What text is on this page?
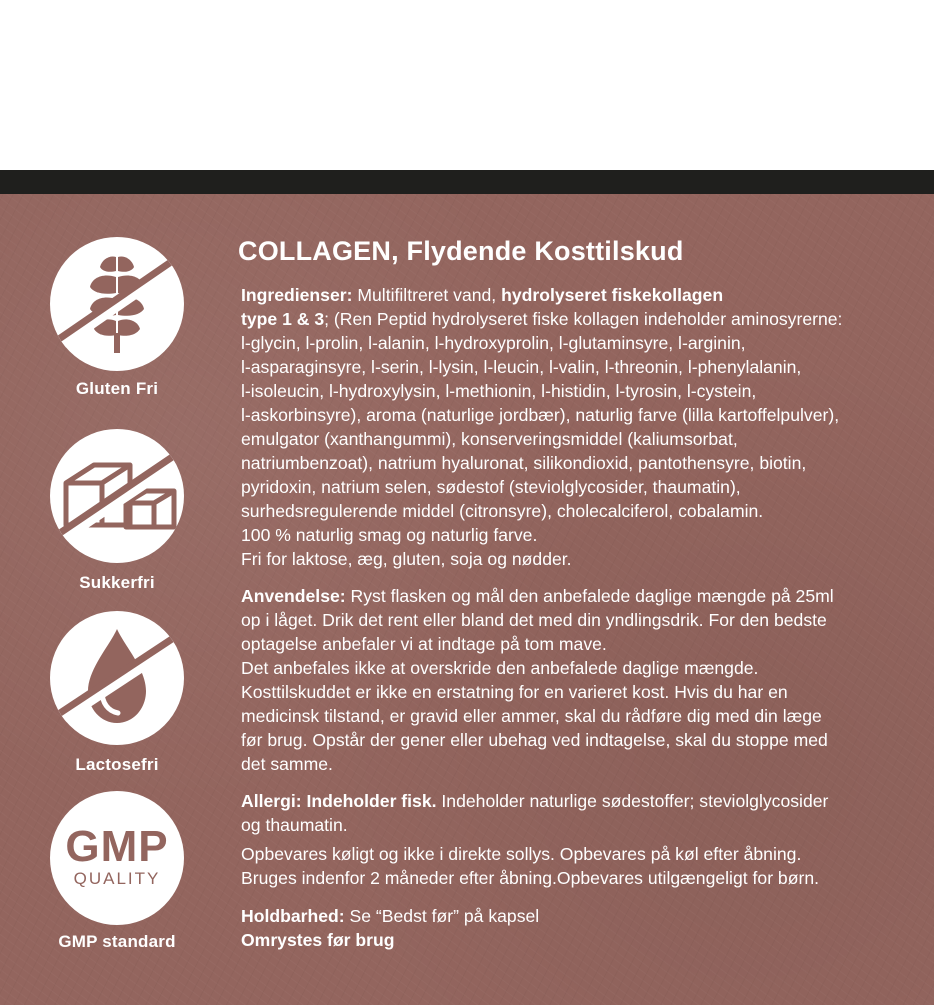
Gluten Fri
Sukkerfri
Lactosefri
GMP
QUALITY
GMP standard
COLLAGEN, Flydende Kosttilskud
Ingredienser: Multifiltreret vand, hydrolyseret fiskekollagen
type 1 & 3; (Ren Peptid hydrolyseret fiske kollagen indeholder aminosyrerne:
l-glycin, l-prolin, l-alanin, l-hydroxyprolin, l-glutaminsyre, l-arginin,
l-asparaginsyre, l-serin, l-lysin, l-leucin, l-valin, l-threonin, l-phenylalanin,
l-isoleucin, l-hydroxylysin, l-methionin, l-histidin, l-tyrosin, l-cystein,
l-askorbinsyre), aroma (naturlige jordbær), naturlig farve (lilla kartoffelpulver),
emulgator (xanthangummi), konserveringsmiddel (kaliumsorbat,
natriumbenzoat), natrium hyaluronat, silikondioxid, pantothensyre, biotin,
pyridoxin, natrium selen, sødestof (steviolglycosider, thaumatin),
surhedsregulerende middel (citronsyre), cholecalciferol, cobalamin.
100 % naturlig smag og naturlig farve.
Fri for laktose, æg, gluten, soja og nødder.
Anvendelse: Ryst flasken og mål den anbefalede daglige mængde på 25ml
op i låget. Drik det rent eller bland det med din yndlingsdrik. For den bedste
optagelse anbefaler vi at indtage på tom mave.
Det anbefales ikke at overskride den anbefalede daglige mængde.
Kosttilskuddet er ikke en erstatning for en varieret kost. Hvis du har en
medicinsk tilstand, er gravid eller ammer, skal du rådføre dig med din læge
før brug. Opstår der gener eller ubehag ved indtagelse, skal du stoppe med
det samme.
Allergi: Indeholder fisk. Indeholder naturlige sødestoffer; steviolglycosider
og thaumatin.
Opbevares køligt og ikke i direkte sollys. Opbevares på køl efter åbning.
Bruges indenfor 2 måneder efter åbning.Opbevares utilgængeligt for børn.
Holdbarhed: Se “Bedst før” på kapsel
Omrystes før brug
